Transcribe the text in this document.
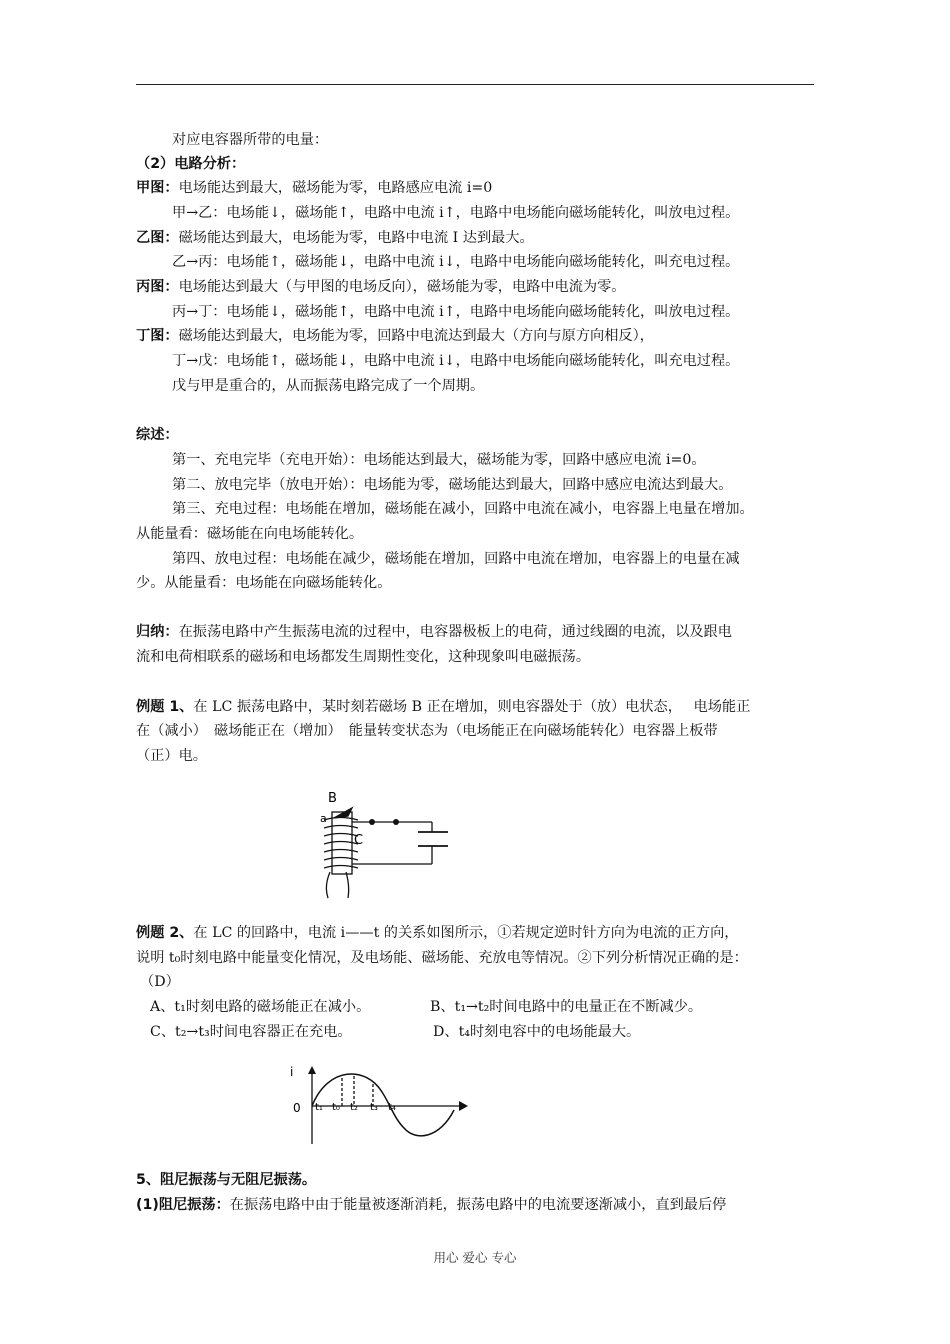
对应电容器所带的电量：
（2）电路分析：
甲图：电场能达到最大，磁场能为零，电路感应电流 i=0
甲→乙：电场能↓，磁场能↑，电路中电流 i↑，电路中电场能向磁场能转化，叫放电过程。
乙图：磁场能达到最大，电场能为零，电路中电流 I 达到最大。
乙→丙：电场能↑，磁场能↓，电路中电流 i↓，电路中电场能向磁场能转化，叫充电过程。
丙图：电场能达到最大（与甲图的电场反向），磁场能为零，电路中电流为零。
丙→丁：电场能↓，磁场能↑，电路中电流 i↑，电路中电场能向磁场能转化，叫放电过程。
丁图：磁场能达到最大，电场能为零，回路中电流达到最大（方向与原方向相反），
丁→戊：电场能↑，磁场能↓，电路中电流 i↓，电路中电场能向磁场能转化，叫充电过程。
戊与甲是重合的，从而振荡电路完成了一个周期。
综述：
第一、充电完毕（充电开始）：电场能达到最大，磁场能为零，回路中感应电流 i=0。
第二、放电完毕（放电开始）：电场能为零，磁场能达到最大，回路中感应电流达到最大。
第三、充电过程：电场能在增加，磁场能在减小，回路中电流在减小，电容器上电量在增加。
从能量看：磁场能在向电场能转化。
第四、放电过程：电场能在减少，磁场能在增加，回路中电流在增加，电容器上的电量在减
少。从能量看：电场能在向磁场能转化。
归纳：在振荡电路中产生振荡电流的过程中，电容器极板上的电荷，通过线圈的电流，以及跟电
流和电荷相联系的磁场和电场都发生周期性变化，这种现象叫电磁振荡。
例题 1、在 LC 振荡电路中，某时刻若磁场 B 正在增加，则电容器处于（放）电状态，　 电场能正
在（减小）　磁场能正在（增加）　能量转变状态为（电场能正在向磁场能转化）电容器上板带
（正）电。
B
a
C
例题 2、在 LC 的回路中，电流 i——t 的关系如图所示，①若规定逆时针方向为电流的正方向，
说明 t₀时刻电路中能量变化情况，及电场能、磁场能、充放电等情况。②下列分析情况正确的是：
（D）
A、t₁时刻电路的磁场能正在减小。	B、t₁→t₂时间电路中的电量正在不断减少。
C、t₂→t₃时间电容器正在充电。	D、t₄时刻电容中的电场能最大。
i
0 t₁ t₀ t₂ t₃ t₄
5、阻尼振荡与无阻尼振荡。
(1)阻尼振荡：在振荡电路中由于能量被逐渐消耗，振荡电路中的电流要逐渐减小，直到最后停
用心 爱心 专心
